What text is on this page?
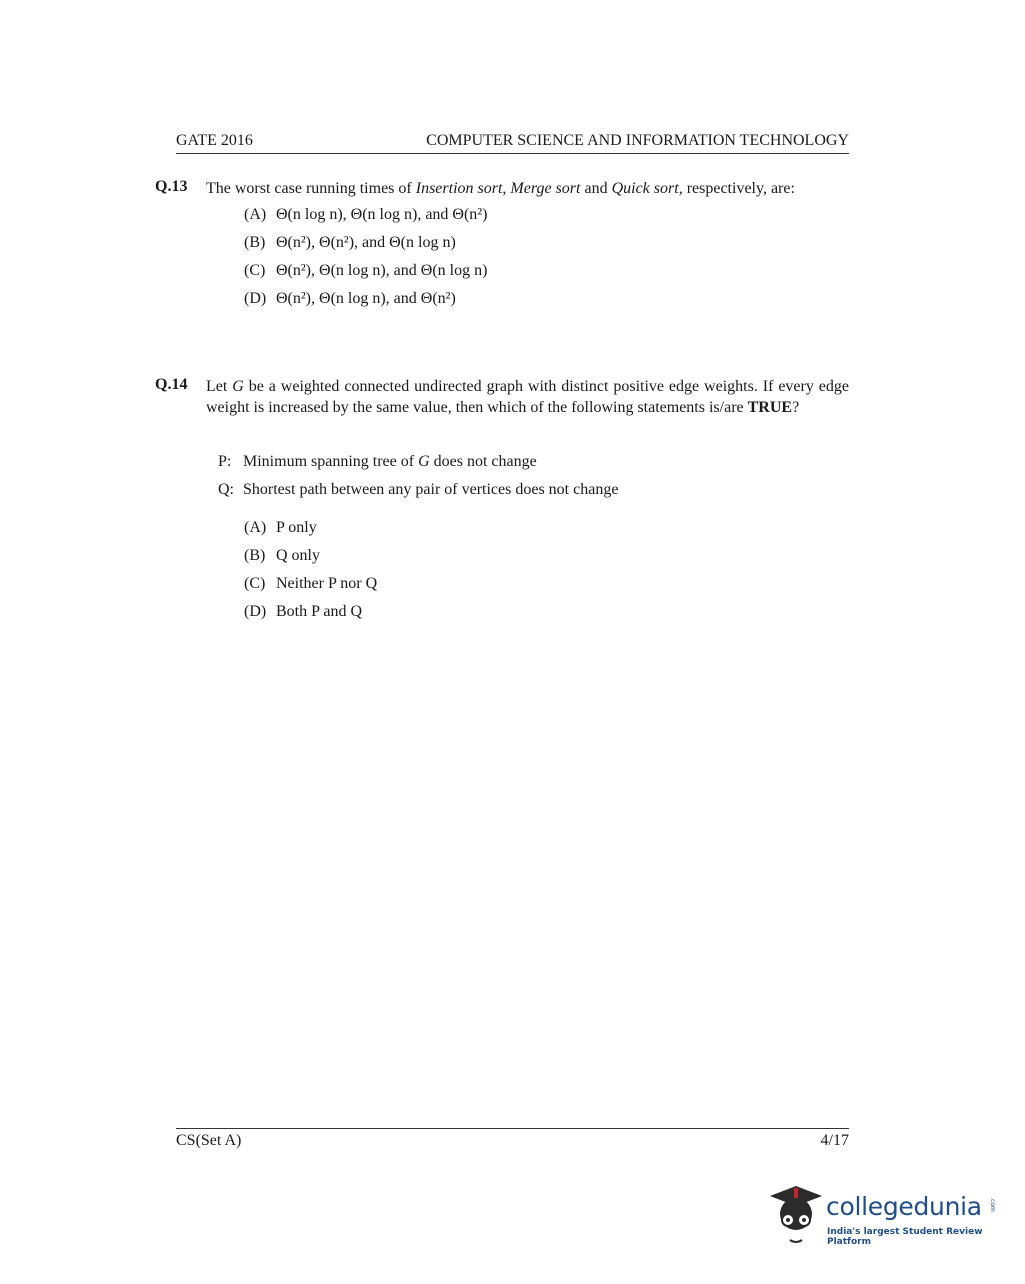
GATE 2016	COMPUTER SCIENCE AND INFORMATION TECHNOLOGY
Q.13 The worst case running times of Insertion sort, Merge sort and Quick sort, respectively, are:
(A) Θ(n log n), Θ(n log n), and Θ(n²)
(B) Θ(n²), Θ(n²), and Θ(n log n)
(C) Θ(n²), Θ(n log n), and Θ(n log n)
(D) Θ(n²), Θ(n log n), and Θ(n²)
Q.14 Let G be a weighted connected undirected graph with distinct positive edge weights. If every edge weight is increased by the same value, then which of the following statements is/are TRUE?
P: Minimum spanning tree of G does not change
Q: Shortest path between any pair of vertices does not change
(A) P only
(B) Q only
(C) Neither P nor Q
(D) Both P and Q
CS(Set A)	4/17
collegedunia .com
India's largest Student Review Platform
